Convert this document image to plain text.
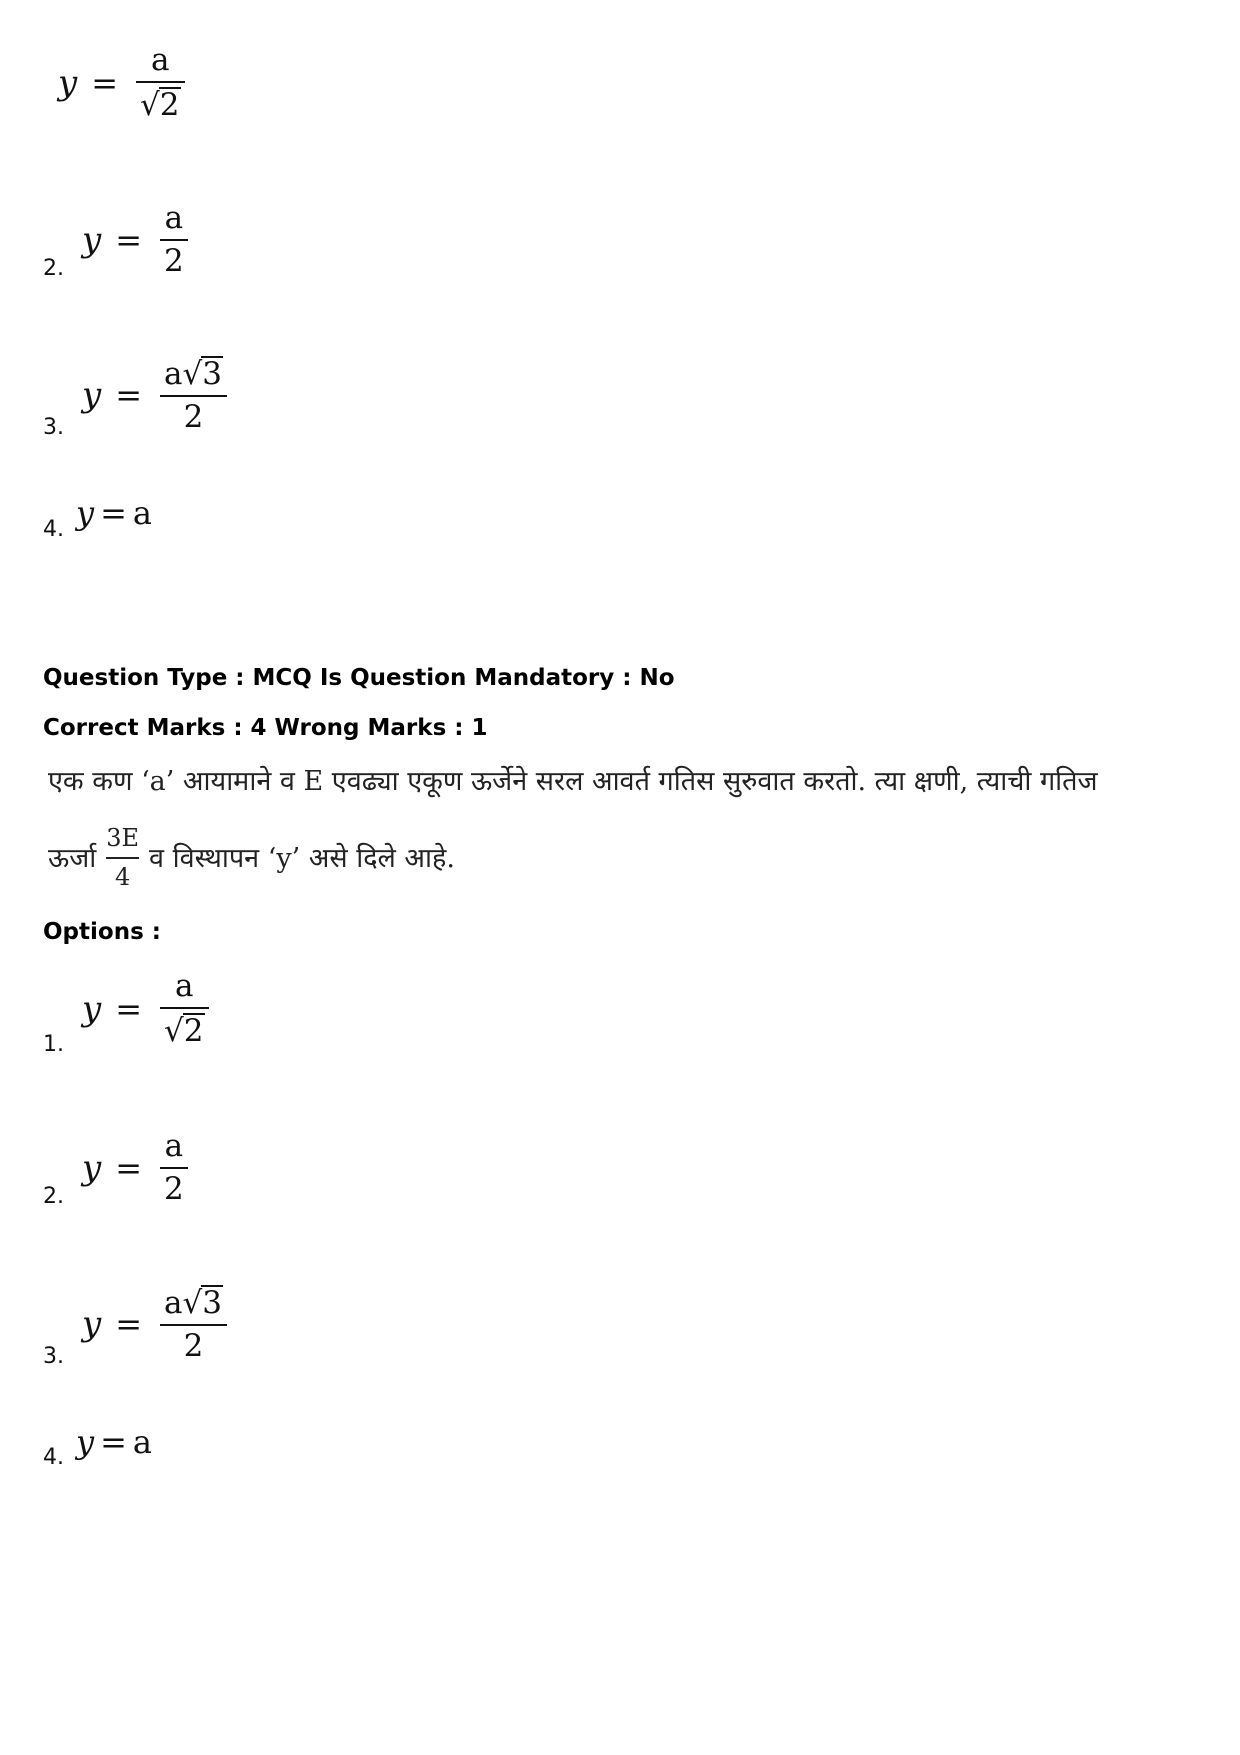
$y = \frac{a}{√ 2}$
2.
$y = \frac{a}{2}$
3.
$y = \frac{a √ 3}{2}$
4. y = a
Question Type : MCQ Is Question Mandatory : No
Correct Marks : 4 Wrong Marks : 1
एक कण ‘a’ आयामाने व E एवढ्या एकूण ऊर्जेने सरल आवर्त गतिस सुरुवात करतो. त्या क्षणी, त्याची गतिज
ऊर्जा
3E
4
व विस्थापन ‘y’ असे दिले आहे.
Options :
1.
$y = \frac{a}{√ 2}$
2.
$y = \frac{a}{2}$
3.
$y = \frac{a √ 3}{2}$
4. y = a
